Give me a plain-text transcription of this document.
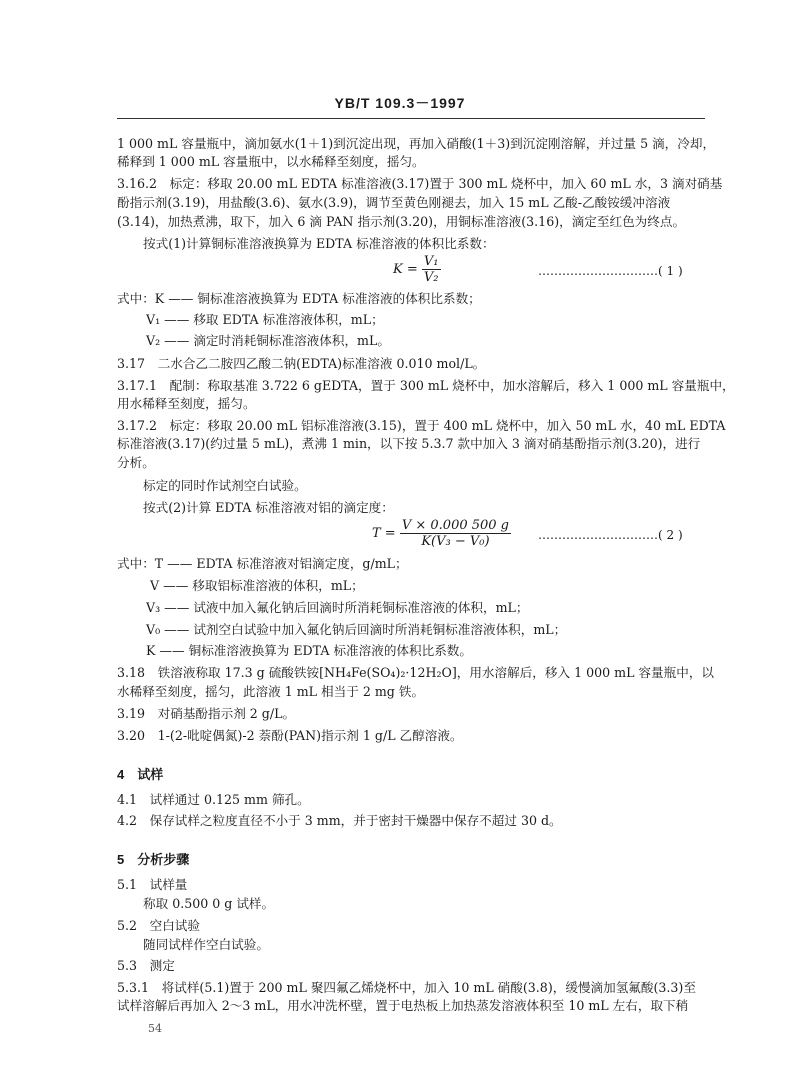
YB/T 109.3－1997
1 000 mL 容量瓶中，滴加氨水(1＋1)到沉淀出现，再加入硝酸(1＋3)到沉淀刚溶解，并过量 5 滴，冷却，
稀释到 1 000 mL 容量瓶中，以水稀释至刻度，摇匀。
3.16.2　标定：移取 20.00 mL EDTA 标准溶液(3.17)置于 300 mL 烧杯中，加入 60 mL 水，3 滴对硝基
酚指示剂(3.19)，用盐酸(3.6)、氨水(3.9)，调节至黄色刚褪去，加入 15 mL 乙酸-乙酸铵缓冲溶液
(3.14)，加热煮沸，取下，加入 6 滴 PAN 指示剂(3.20)，用铜标准溶液(3.16)，滴定至红色为终点。
按式(1)计算铜标准溶液换算为 EDTA 标准溶液的体积比系数：
$K = \frac{\text{V₁}}{\text{V₂}}$	…………………………( 1 )
式中：K —— 铜标准溶液换算为 EDTA 标准溶液的体积比系数；
V₁ —— 移取 EDTA 标准溶液体积，mL；
V₂ —— 滴定时消耗铜标准溶液体积，mL。
3.17　二水合乙二胺四乙酸二钠(EDTA)标准溶液 0.010 mol/L。
3.17.1　配制：称取基准 3.722 6 gEDTA，置于 300 mL 烧杯中，加水溶解后，移入 1 000 mL 容量瓶中，
用水稀释至刻度，摇匀。
3.17.2　标定：移取 20.00 mL 铝标准溶液(3.15)，置于 400 mL 烧杯中，加入 50 mL 水，40 mL EDTA
标准溶液(3.17)(约过量 5 mL)，煮沸 1 min，以下按 5.3.7 款中加入 3 滴对硝基酚指示剂(3.20)，进行
分析。
标定的同时作试剂空白试验。
按式(2)计算 EDTA 标准溶液对铝的滴定度：
$T = \frac{V \times 0.000 500 g}{\text{K(V₃ − V₀)}}$ …………………………( 2 )
式中：T —— EDTA 标准溶液对铝滴定度，g/mL；
V —— 移取铝标准溶液的体积，mL；
V₃ —— 试液中加入氟化钠后回滴时所消耗铜标准溶液的体积，mL；
V₀ —— 试剂空白试验中加入氟化钠后回滴时所消耗铜标准溶液体积，mL；
K —— 铜标准溶液换算为 EDTA 标准溶液的体积比系数。
3.18　铁溶液称取 17.3 g 硫酸铁铵[NH₄Fe(SO₄)₂·12H₂O]，用水溶解后，移入 1 000 mL 容量瓶中，以
水稀释至刻度，摇匀，此溶液 1 mL 相当于 2 mg 铁。
3.19　对硝基酚指示剂 2 g/L。
3.20　1-(2-吡啶偶氮)-2 萘酚(PAN)指示剂 1 g/L 乙醇溶液。
4　试样
4.1　试样通过 0.125 mm 筛孔。
4.2　保存试样之粒度直径不小于 3 mm，并于密封干燥器中保存不超过 30 d。
5　分析步骤
5.1　试样量
称取 0.500 0 g 试样。
5.2　空白试验
随同试样作空白试验。
5.3　测定
5.3.1　将试样(5.1)置于 200 mL 聚四氟乙烯烧杯中，加入 10 mL 硝酸(3.8)，缓慢滴加氢氟酸(3.3)至
试样溶解后再加入 2～3 mL，用水冲洗杯壁，置于电热板上加热蒸发溶液体积至 10 mL 左右，取下稍
54
